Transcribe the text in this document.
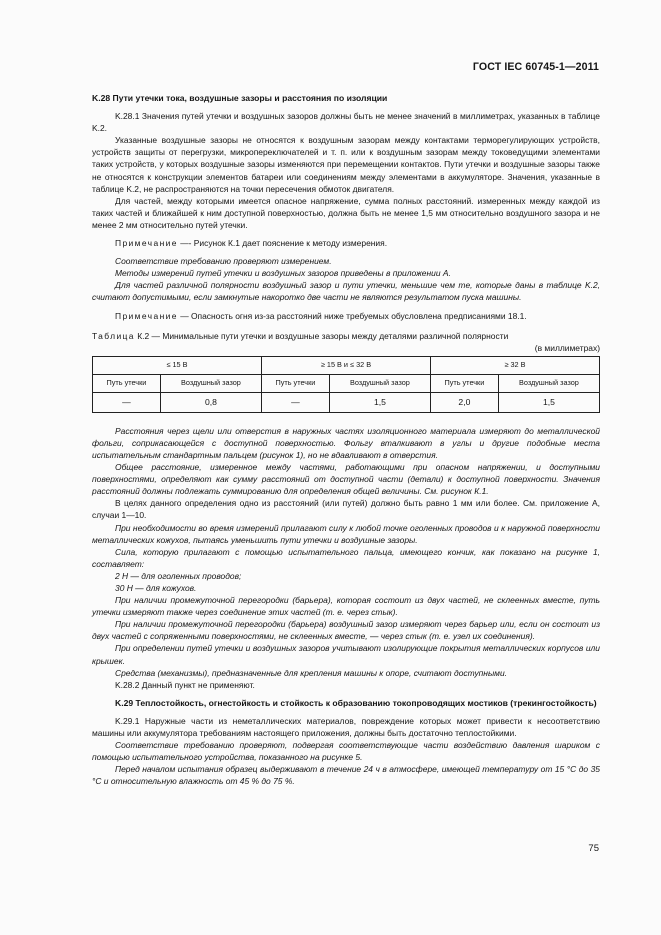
ГОСТ IEC 60745-1—2011

K.28 Пути утечки тока, воздушные зазоры и расстояния по изоляции

K.28.1 Значения путей утечки и воздушных зазоров должны быть не менее значений в миллиметрах, указанных в таблице K.2.

Указанные воздушные зазоры не относятся к воздушным зазорам между контактами терморегулирующих устройств, устройств защиты от перегрузки, микропереключателей и т. п. или к воздушным зазорам между токоведущими элементами таких устройств, у которых воздушные зазоры изменяются при перемещении контактов. Пути утечки и воздушные зазоры также не относятся к конструкции элементов батареи или соединениям между элементами в аккумуляторе. Значения, указанные в таблице K.2, не распространяются на точки пересечения обмоток двигателя.

Для частей, между которыми имеется опасное напряжение, сумма полных расстояний. измеренных между каждой из таких частей и ближайшей к ним доступной поверхностью, должна быть не менее 1,5 мм относительно воздушного зазора и не менее 2 мм относительно путей утечки.

Примечание —- Рисунок К.1 дает пояснение к методу измерения.

Соответствие требованию проверяют измерением.

Методы измерений путей утечки и воздушных зазоров приведены в приложении А.

Для частей различной полярности воздушный зазор и пути утечки, меньшие чем те, которые даны в таблице K.2, считают допустимыми, если замкнутые накоротко две части не являются результатом пуска машины.

Примечание — Опасность огня из-за расстояний ниже требуемых обусловлена предписаниями 18.1.

Таблица К.2 — Минимальные пути утечки и воздушные зазоры между деталями различной полярности

(в миллиметрах)

≤ 15 В		≥ 15 В и ≤ 32 В		≥ 32 В	
Путь утечки	Воздушный зазор	Путь утечки	Воздушный зазор	Путь утечки	Воздушный зазор
—	0,8	—	1,5	2,0	1,5

Расстояния через щели или отверстия в наружных частях изоляционного материала измеряют до металлической фольги, соприкасающейся с доступной поверхностью. Фольгу вталкивают в углы и другие подобные места испытательным стандартным пальцем (рисунок 1), но не вдавливают в отверстия.

Общее расстояние, измеренное между частями, работающими при опасном напряжении, и доступными поверхностями, определяют как сумму расстояний от доступной части (детали) к доступной поверхности. Значения расстояний должны подлежать суммированию для определения общей величины. См. рисунок К.1.

В целях данного определения одно из расстояний (или путей) должно быть равно 1 мм или более. См. приложение А, случаи 1—10.

При необходимости во время измерений прилагают силу к любой точке оголенных проводов и к наружной поверхности металлических кожухов, пытаясь уменьшить пути утечки и воздушные зазоры.

Сила, которую прилагают с помощью испытательного пальца, имеющего кончик, как показано на рисунке 1, составляет:

2 Н — для оголенных проводов;

30 Н — для кожухов.

При наличии промежуточной перегородки (барьера), которая состоит из двух частей, не склеенных вместе, путь утечки измеряют также через соединение этих частей (т. е. через стык).

При наличии промежуточной перегородки (барьера) воздушный зазор измеряют через барьер или, если он состоит из двух частей с сопряженными поверхностями, не склеенных вместе, — через стык (т. е. узел их соединения).

При определении путей утечки и воздушных зазоров учитывают изолирующие покрытия металлических корпусов или крышек.

Средства (механизмы), предназначенные для крепления машины к опоре, считают доступными.

K.28.2 Данный пункт не применяют.

K.29 Теплостойкость, огнестойкость и стойкость к образованию токопроводящих мостиков (трекингостойкость)

K.29.1 Наружные части из неметаллических материалов, повреждение которых может привести к несоответствию машины или аккумулятора требованиям настоящего приложения, должны быть достаточно теплостойкими.

Соответствие требованию проверяют, подвергая соответствующие части воздействию давления шариком с помощью испытательного устройства, показанного на рисунке 5.

Перед началом испытания образец выдерживают в течение 24 ч в атмосфере, имеющей температуру от 15 °С до 35 °С и относительную влажность от 45 % до 75 %.

75
